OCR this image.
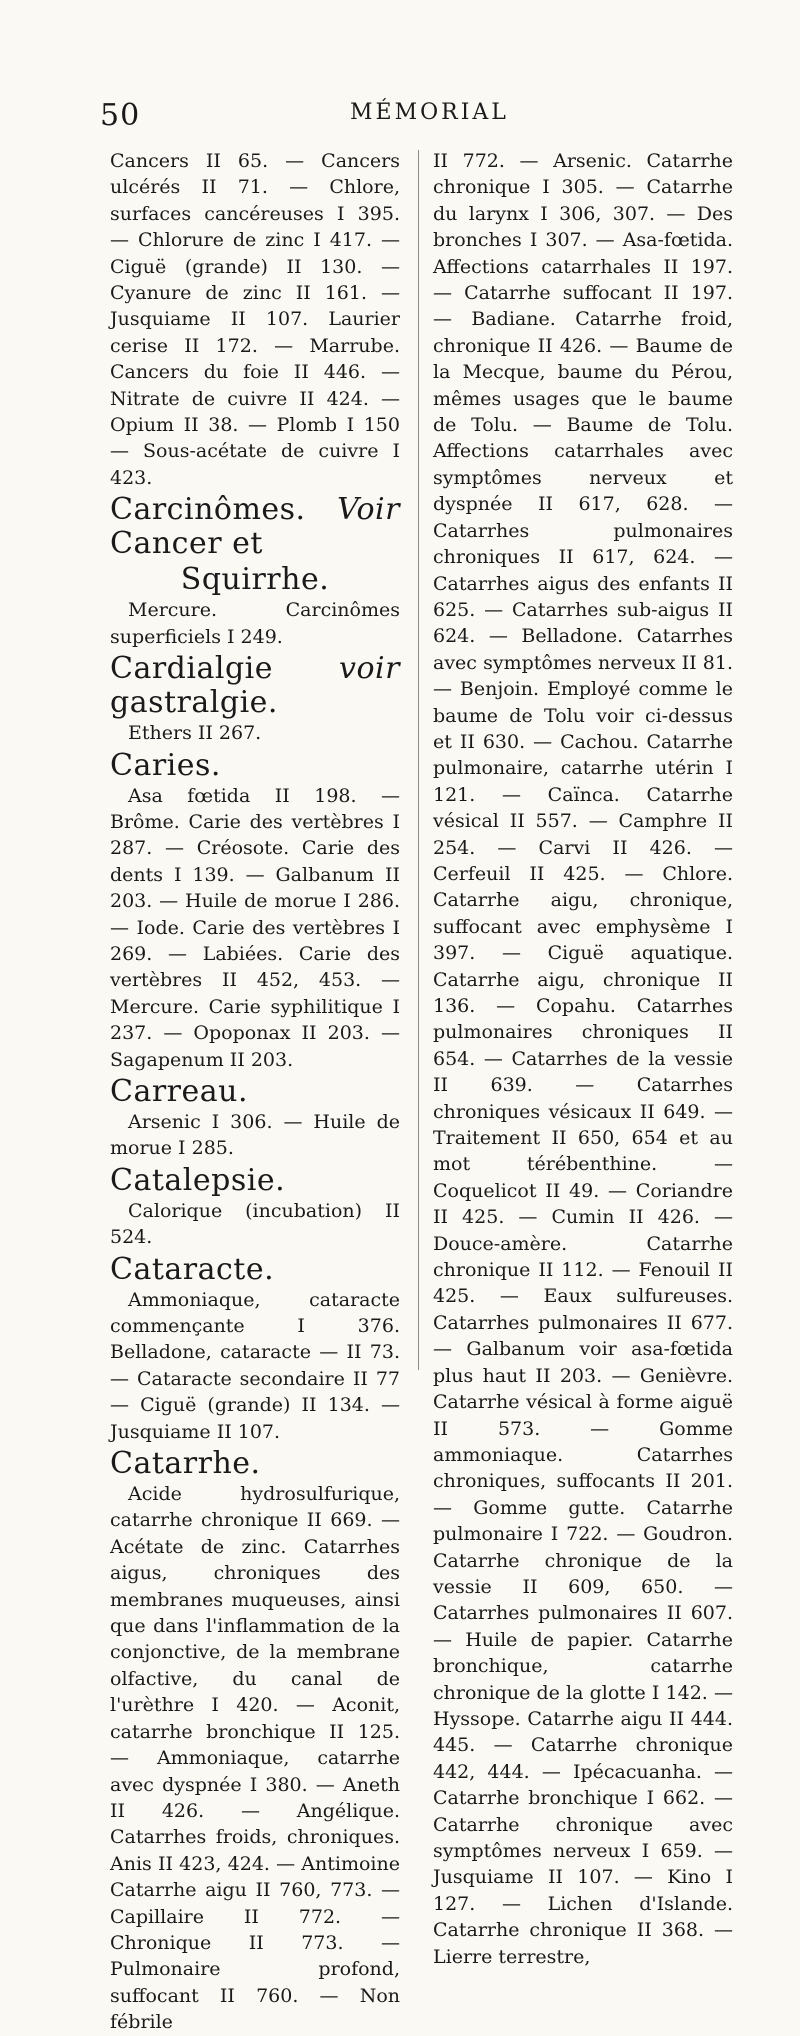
50	MÉMORIAL

Cancers II 65. — Cancers ulcérés II 71. — Chlore, surfaces cancéreuses I 395. — Chlorure de zinc I 417. — Ciguë (grande) II 130. — Cyanure de zinc II 161. — Jusquiame II 107. Laurier cerise II 172. — Marrube. Cancers du foie II 446. — Nitrate de cuivre II 424. — Opium II 38. — Plomb I 150 — Sous-acétate de cuivre I 423.

Carcinômes. Voir Cancer et
Squirrhe.

Mercure. Carcinômes superficiels I 249.

Cardialgie voir gastralgie.

Ethers II 267.

Caries.

Asa fœtida II 198. — Brôme. Carie des vertèbres I 287. — Créosote. Carie des dents I 139. — Galbanum II 203. — Huile de morue I 286. — Iode. Carie des vertèbres I 269. — Labiées. Carie des vertèbres II 452, 453. — Mercure. Carie syphilitique I 237. — Opoponax II 203. — Sagapenum II 203.

Carreau.

Arsenic I 306. — Huile de morue I 285.

Catalepsie.

Calorique (incubation) II 524.

Cataracte.

Ammoniaque, cataracte commençante I 376. Belladone, cataracte — II 73. — Cataracte secondaire II 77 — Ciguë (grande) II 134. — Jusquiame II 107.

Catarrhe.

Acide hydrosulfurique, catarrhe chronique II 669. — Acétate de zinc. Catarrhes aigus, chroniques des membranes muqueuses, ainsi que dans l'inflammation de la conjonctive, de la membrane olfactive, du canal de l'urèthre I 420. — Aconit, catarrhe bronchique II 125. — Ammoniaque, catarrhe avec dyspnée I 380. — Aneth II 426. — Angélique. Catarrhes froids, chroniques. Anis II 423, 424. — Antimoine Catarrhe aigu II 760, 773. — Capillaire II 772. — Chronique II 773. — Pulmonaire profond, suffocant II 760. — Non fébrile

II 772. — Arsenic. Catarrhe chronique I 305. — Catarrhe du larynx I 306, 307. — Des bronches I 307. — Asa-fœtida. Affections catarrhales II 197. — Catarrhe suffocant II 197. — Badiane. Catarrhe froid, chronique II 426. — Baume de la Mecque, baume du Pérou, mêmes usages que le baume de Tolu. — Baume de Tolu. Affections catarrhales avec symptômes nerveux et dyspnée II 617, 628. — Catarrhes pulmonaires chroniques II 617, 624. — Catarrhes aigus des enfants II 625. — Catarrhes sub-aigus II 624. — Belladone. Catarrhes avec symptômes nerveux II 81. — Benjoin. Employé comme le baume de Tolu voir ci-dessus et II 630. — Cachou. Catarrhe pulmonaire, catarrhe utérin I 121. — Caïnca. Catarrhe vésical II 557. — Camphre II 254. — Carvi II 426. — Cerfeuil II 425. — Chlore. Catarrhe aigu, chronique, suffocant avec emphysème I 397. — Ciguë aquatique. Catarrhe aigu, chronique II 136. — Copahu. Catarrhes pulmonaires chroniques II 654. — Catarrhes de la vessie II 639. — Catarrhes chroniques vésicaux II 649. — Traitement II 650, 654 et au mot térébenthine. — Coquelicot II 49. — Coriandre II 425. — Cumin II 426. — Douce-amère. Catarrhe chronique II 112. — Fenouil II 425. — Eaux sulfureuses. Catarrhes pulmonaires II 677. — Galbanum voir asa-fœtida plus haut II 203. — Genièvre. Catarrhe vésical à forme aiguë II 573. — Gomme ammoniaque. Catarrhes chroniques, suffocants II 201. — Gomme gutte. Catarrhe pulmonaire I 722. — Goudron. Catarrhe chronique de la vessie II 609, 650. — Catarrhes pulmonaires II 607. — Huile de papier. Catarrhe bronchique, catarrhe chronique de la glotte I 142. — Hyssope. Catarrhe aigu II 444. 445. — Catarrhe chronique 442, 444. — Ipécacuanha. — Catarrhe bronchique I 662. — Catarrhe chronique avec symptômes nerveux I 659. — Jusquiame II 107. — Kino I 127. — Lichen d'Islande. Catarrhe chronique II 368. — Lierre terrestre,
